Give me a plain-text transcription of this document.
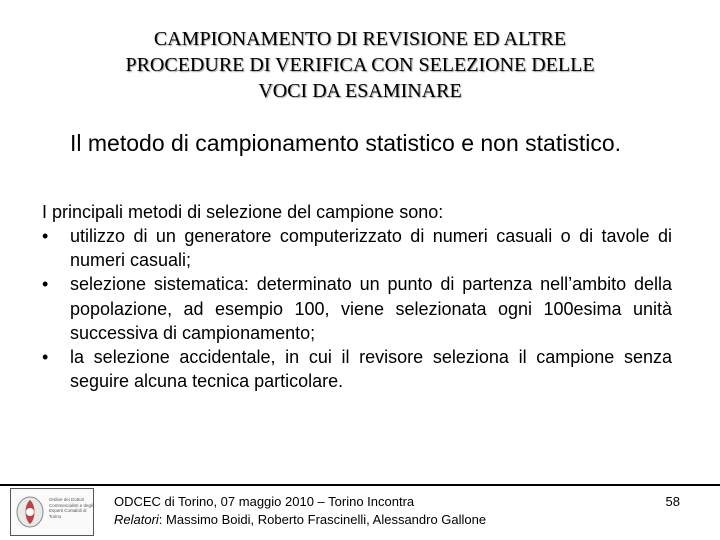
CAMPIONAMENTO DI REVISIONE ED ALTRE
PROCEDURE DI VERIFICA CON SELEZIONE DELLE
VOCI DA ESAMINARE
Il metodo di campionamento statistico e non statistico.
I principali metodi di selezione del campione sono:
• utilizzo di un generatore computerizzato di numeri casuali o di tavole di numeri casuali;
• selezione sistematica: determinato un punto di partenza nell’ambito della popolazione, ad esempio 100, viene selezionata ogni 100esima unità successiva di campionamento;
• la selezione accidentale, in cui il revisore seleziona il campione senza seguire alcuna tecnica particolare.
Ordine dei Dottori Commercialisti e degli Esperti Contabili di Torino
ODCEC di Torino, 07 maggio 2010 – Torino Incontra
Relatori: Massimo Boidi, Roberto Frascinelli, Alessandro Gallone
58
